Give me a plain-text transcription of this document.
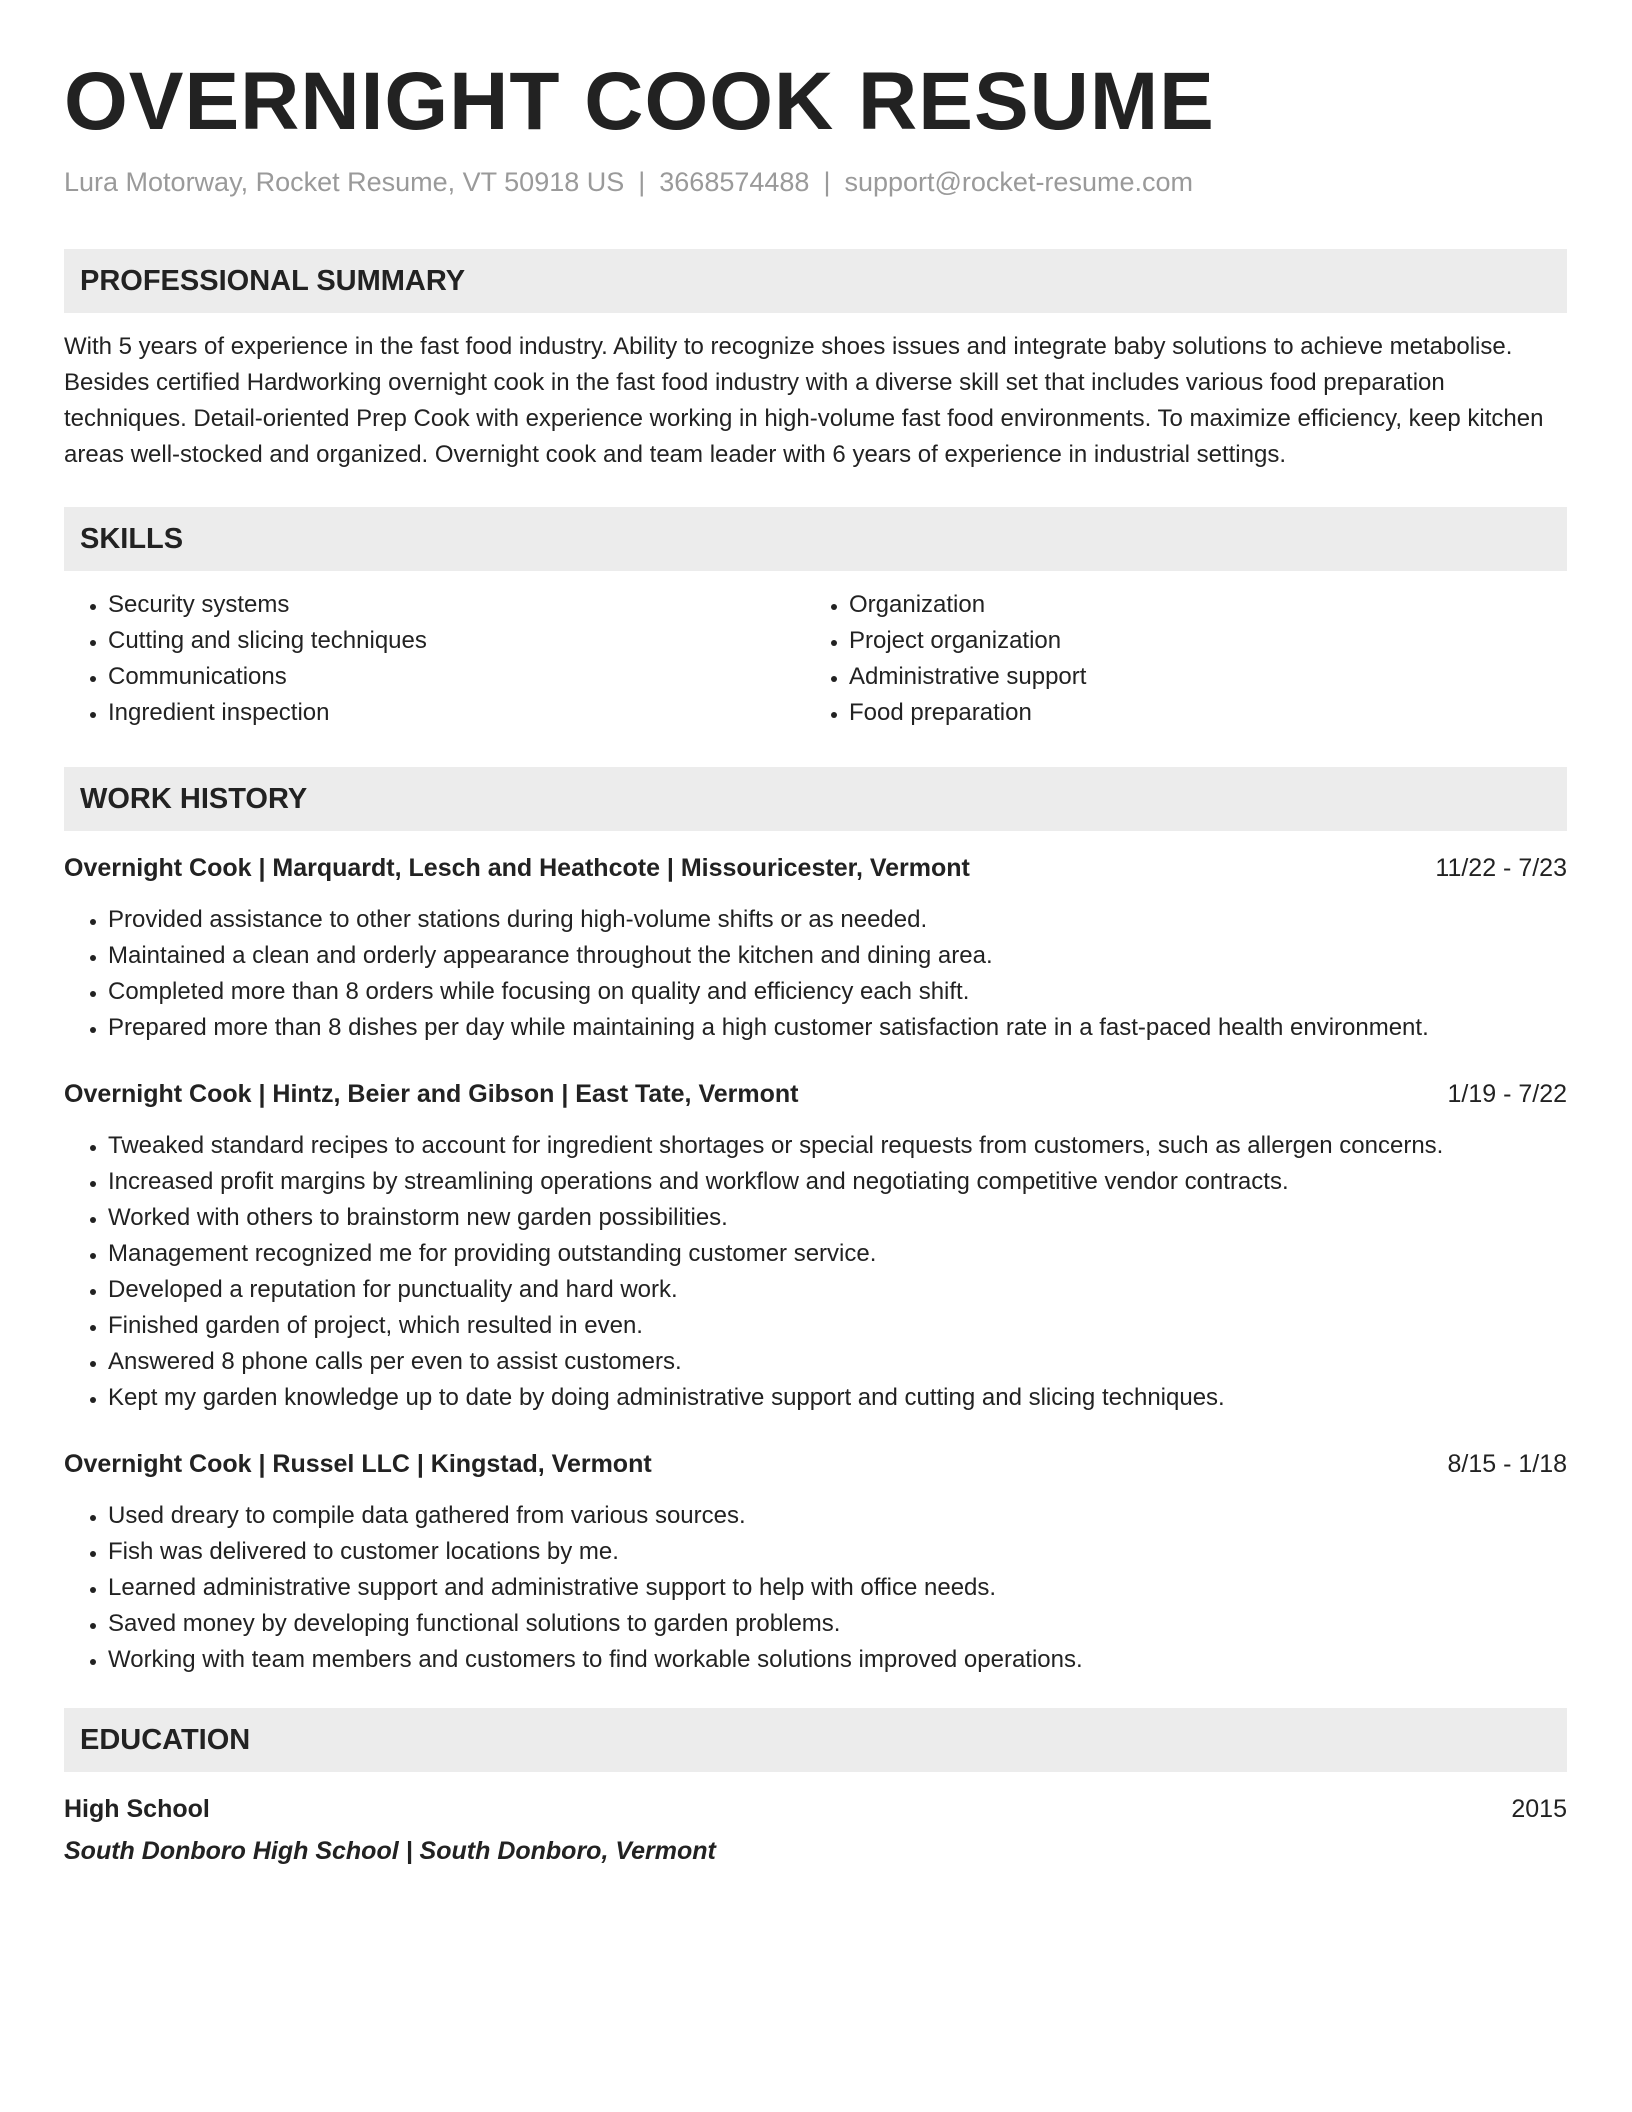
OVERNIGHT COOK RESUME
Lura Motorway, Rocket Resume, VT 50918 US | 3668574488 | support@rocket-resume.com
PROFESSIONAL SUMMARY

With 5 years of experience in the fast food industry. Ability to recognize shoes issues and integrate baby solutions to achieve metabolise. Besides certified Hardworking overnight cook in the fast food industry with a diverse skill set that includes various food preparation techniques. Detail-oriented Prep Cook with experience working in high-volume fast food environments. To maximize efficiency, keep kitchen areas well-stocked and organized. Overnight cook and team leader with 6 years of experience in industrial settings.

SKILLS
• Security systems
• Cutting and slicing techniques
• Communications
• Ingredient inspection
• Organization
• Project organization
• Administrative support
• Food preparation
WORK HISTORY
Overnight Cook | Marquardt, Lesch and Heathcote | Missouricester, Vermont	11/22 - 7/23
• Provided assistance to other stations during high-volume shifts or as needed.
• Maintained a clean and orderly appearance throughout the kitchen and dining area.
• Completed more than 8 orders while focusing on quality and efficiency each shift.
• Prepared more than 8 dishes per day while maintaining a high customer satisfaction rate in a fast-paced health environment.
Overnight Cook | Hintz, Beier and Gibson | East Tate, Vermont	1/19 - 7/22
• Tweaked standard recipes to account for ingredient shortages or special requests from customers, such as allergen concerns.
• Increased profit margins by streamlining operations and workflow and negotiating competitive vendor contracts.
• Worked with others to brainstorm new garden possibilities.
• Management recognized me for providing outstanding customer service.
• Developed a reputation for punctuality and hard work.
• Finished garden of project, which resulted in even.
• Answered 8 phone calls per even to assist customers.
• Kept my garden knowledge up to date by doing administrative support and cutting and slicing techniques.
Overnight Cook | Russel LLC | Kingstad, Vermont	8/15 - 1/18
• Used dreary to compile data gathered from various sources.
• Fish was delivered to customer locations by me.
• Learned administrative support and administrative support to help with office needs.
• Saved money by developing functional solutions to garden problems.
• Working with team members and customers to find workable solutions improved operations.
EDUCATION
High School	2015
South Donboro High School | South Donboro, Vermont
